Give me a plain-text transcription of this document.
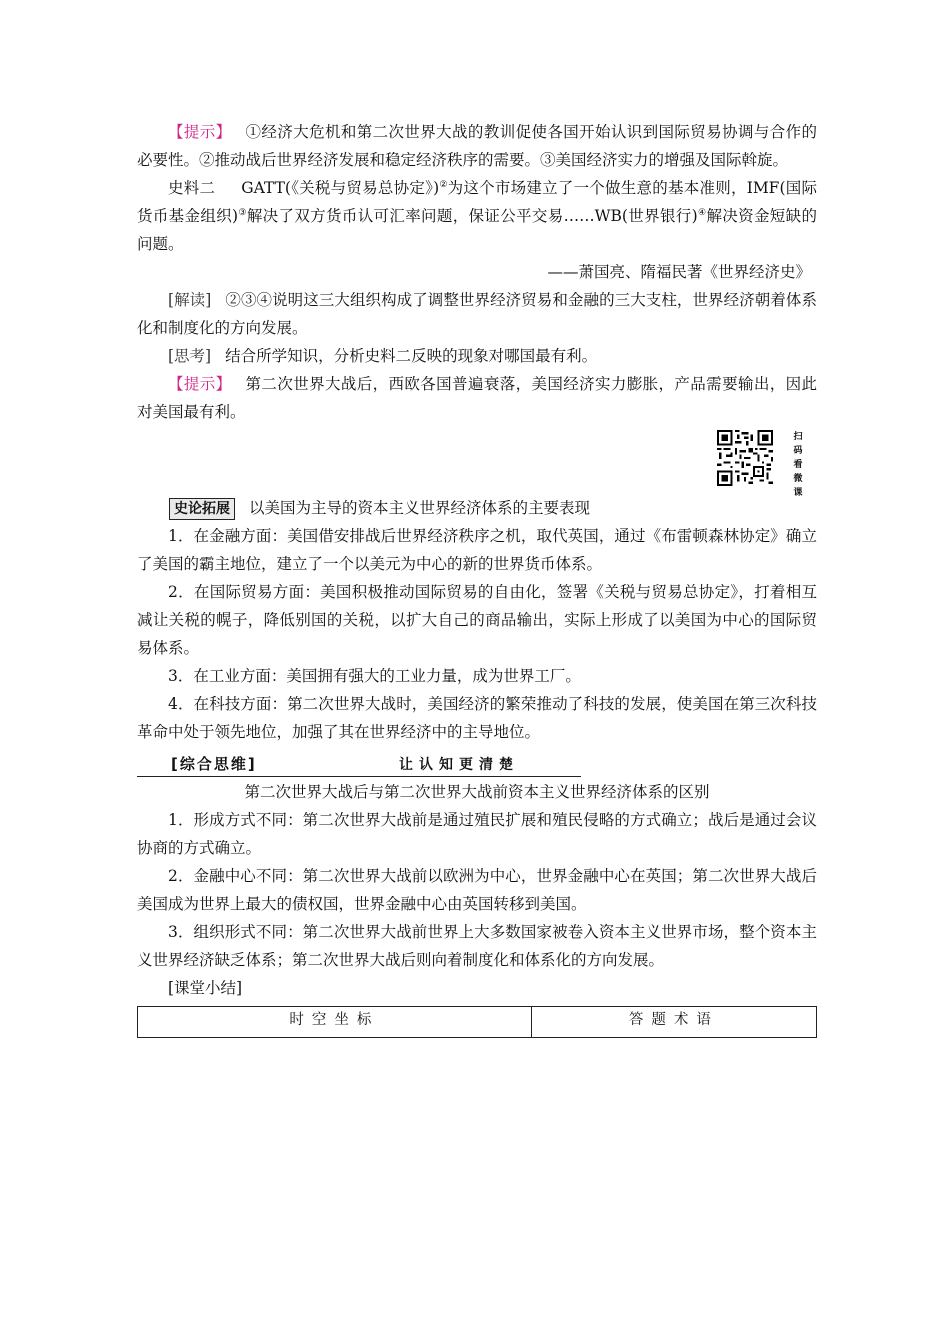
【提示】 ①经济大危机和第二次世界大战的教训促使各国开始认识到国际贸易协调与合作的必要性。②推动战后世界经济发展和稳定经济秩序的需要。③美国经济实力的增强及国际斡旋。

史料二 GATT(《关税与贸易总协定》)②为这个市场建立了一个做生意的基本准则，IMF(国际货币基金组织)③解决了双方货币认可汇率问题，保证公平交易……WB(世界银行)④解决资金短缺的问题。

——萧国亮、隋福民著《世界经济史》

[解读] ②③④说明这三大组织构成了调整世界经济贸易和金融的三大支柱，世界经济朝着体系化和制度化的方向发展。

[思考] 结合所学知识，分析史料二反映的现象对哪国最有利。

【提示】 第二次世界大战后，西欧各国普遍衰落，美国经济实力膨胀，产品需要输出，因此对美国最有利。

扫
码
看
微
课

史论拓展 以美国为主导的资本主义世界经济体系的主要表现

1．在金融方面：美国借安排战后世界经济秩序之机，取代英国，通过《布雷顿森林协定》确立了美国的霸主地位，建立了一个以美元为中心的新的世界货币体系。

2．在国际贸易方面：美国积极推动国际贸易的自由化，签署《关税与贸易总协定》，打着相互减让关税的幌子，降低别国的关税，以扩大自己的商品输出，实际上形成了以美国为中心的国际贸易体系。

3．在工业方面：美国拥有强大的工业力量，成为世界工厂。

4．在科技方面：第二次世界大战时，美国经济的繁荣推动了科技的发展，使美国在第三次科技革命中处于领先地位，加强了其在世界经济中的主导地位。

[综合思维]	让认知更清楚

第二次世界大战后与第二次世界大战前资本主义世界经济体系的区别

1．形成方式不同：第二次世界大战前是通过殖民扩展和殖民侵略的方式确立；战后是通过会议协商的方式确立。

2．金融中心不同：第二次世界大战前以欧洲为中心，世界金融中心在英国；第二次世界大战后美国成为世界上最大的债权国，世界金融中心由英国转移到美国。

3．组织形式不同：第二次世界大战前世界上大多数国家被卷入资本主义世界市场，整个资本主义世界经济缺乏体系；第二次世界大战后则向着制度化和体系化的方向发展。

[课堂小结]

时空坐标	答题术语
